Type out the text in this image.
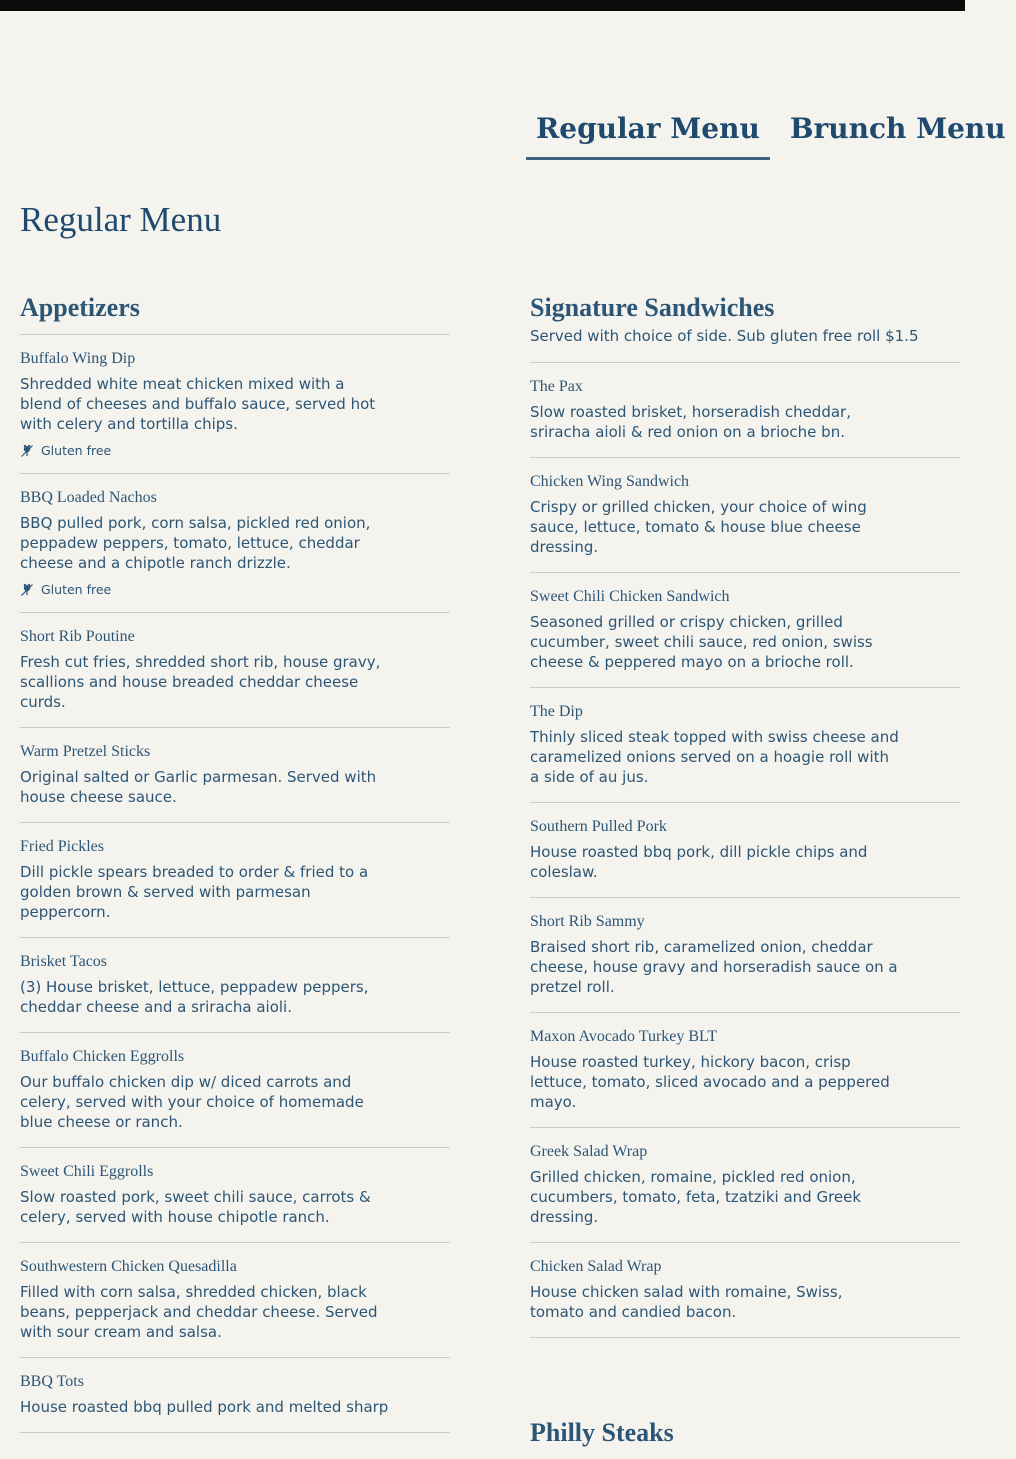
Regular Menu	Brunch Menu
Regular Menu
Appetizers
Buffalo Wing Dip
Shredded white meat chicken mixed with a blend of cheeses and buffalo sauce, served hot with celery and tortilla chips.
Gluten free
BBQ Loaded Nachos
BBQ pulled pork, corn salsa, pickled red onion, peppadew peppers, tomato, lettuce, cheddar cheese and a chipotle ranch drizzle.
Gluten free
Short Rib Poutine
Fresh cut fries, shredded short rib, house gravy, scallions and house breaded cheddar cheese curds.
Warm Pretzel Sticks
Original salted or Garlic parmesan. Served with house cheese sauce.
Fried Pickles
Dill pickle spears breaded to order & fried to a golden brown & served with parmesan peppercorn.
Brisket Tacos
(3) House brisket, lettuce, peppadew peppers, cheddar cheese and a sriracha aioli.
Buffalo Chicken Eggrolls
Our buffalo chicken dip w/ diced carrots and celery, served with your choice of homemade blue cheese or ranch.
Sweet Chili Eggrolls
Slow roasted pork, sweet chili sauce, carrots & celery, served with house chipotle ranch.
Southwestern Chicken Quesadilla
Filled with corn salsa, shredded chicken, black beans, pepperjack and cheddar cheese. Served with sour cream and salsa.
BBQ Tots
House roasted bbq pulled pork and melted sharp
Signature Sandwiches
Served with choice of side. Sub gluten free roll $1.5
The Pax
Slow roasted brisket, horseradish cheddar, sriracha aioli & red onion on a brioche bn.
Chicken Wing Sandwich
Crispy or grilled chicken, your choice of wing sauce, lettuce, tomato & house blue cheese dressing.
Sweet Chili Chicken Sandwich
Seasoned grilled or crispy chicken, grilled cucumber, sweet chili sauce, red onion, swiss cheese & peppered mayo on a brioche roll.
The Dip
Thinly sliced steak topped with swiss cheese and caramelized onions served on a hoagie roll with a side of au jus.
Southern Pulled Pork
House roasted bbq pork, dill pickle chips and coleslaw.
Short Rib Sammy
Braised short rib, caramelized onion, cheddar cheese, house gravy and horseradish sauce on a pretzel roll.
Maxon Avocado Turkey BLT
House roasted turkey, hickory bacon, crisp lettuce, tomato, sliced avocado and a peppered mayo.
Greek Salad Wrap
Grilled chicken, romaine, pickled red onion, cucumbers, tomato, feta, tzatziki and Greek dressing.
Chicken Salad Wrap
House chicken salad with romaine, Swiss, tomato and candied bacon.
Philly Steaks
